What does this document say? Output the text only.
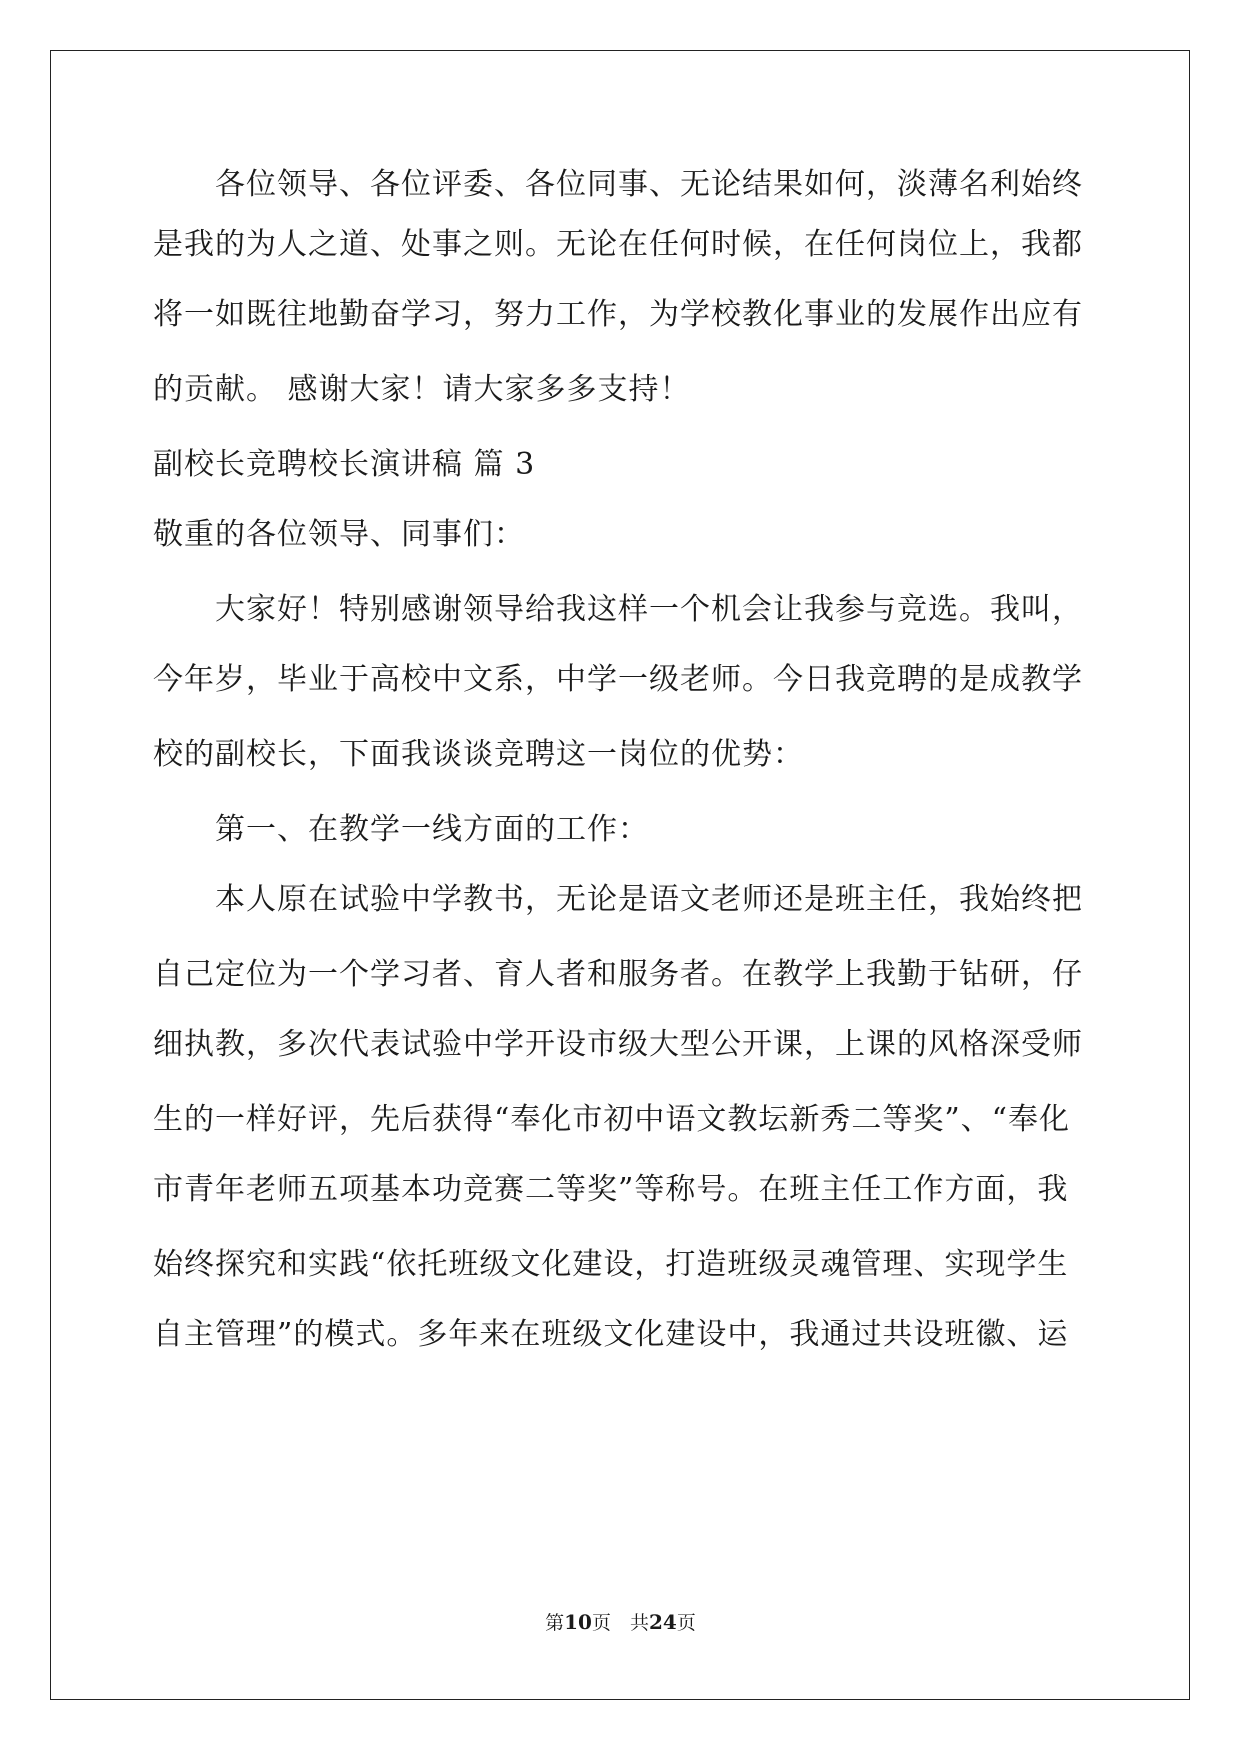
　　各位领导、各位评委、各位同事、无论结果如何，淡薄名利始终
是我的为人之道、处事之则。无论在任何时候，在任何岗位上，我都
将一如既往地勤奋学习，努力工作，为学校教化事业的发展作出应有
的贡献。 感谢大家！请大家多多支持！
副校长竞聘校长演讲稿 篇 3
敬重的各位领导、同事们：
　　大家好！特别感谢领导给我这样一个机会让我参与竞选。我叫，
今年岁，毕业于高校中文系，中学一级老师。今日我竞聘的是成教学
校的副校长，下面我谈谈竞聘这一岗位的优势：
　　第一、在教学一线方面的工作：
　　本人原在试验中学教书，无论是语文老师还是班主任，我始终把
自己定位为一个学习者、育人者和服务者。在教学上我勤于钻研，仔
细执教，多次代表试验中学开设市级大型公开课，上课的风格深受师
生的一样好评，先后获得“奉化市初中语文教坛新秀二等奖”、“奉化
市青年老师五项基本功竞赛二等奖”等称号。在班主任工作方面，我
始终探究和实践“依托班级文化建设，打造班级灵魂管理、实现学生
自主管理”的模式。多年来在班级文化建设中，我通过共设班徽、运
第10页　共24页
